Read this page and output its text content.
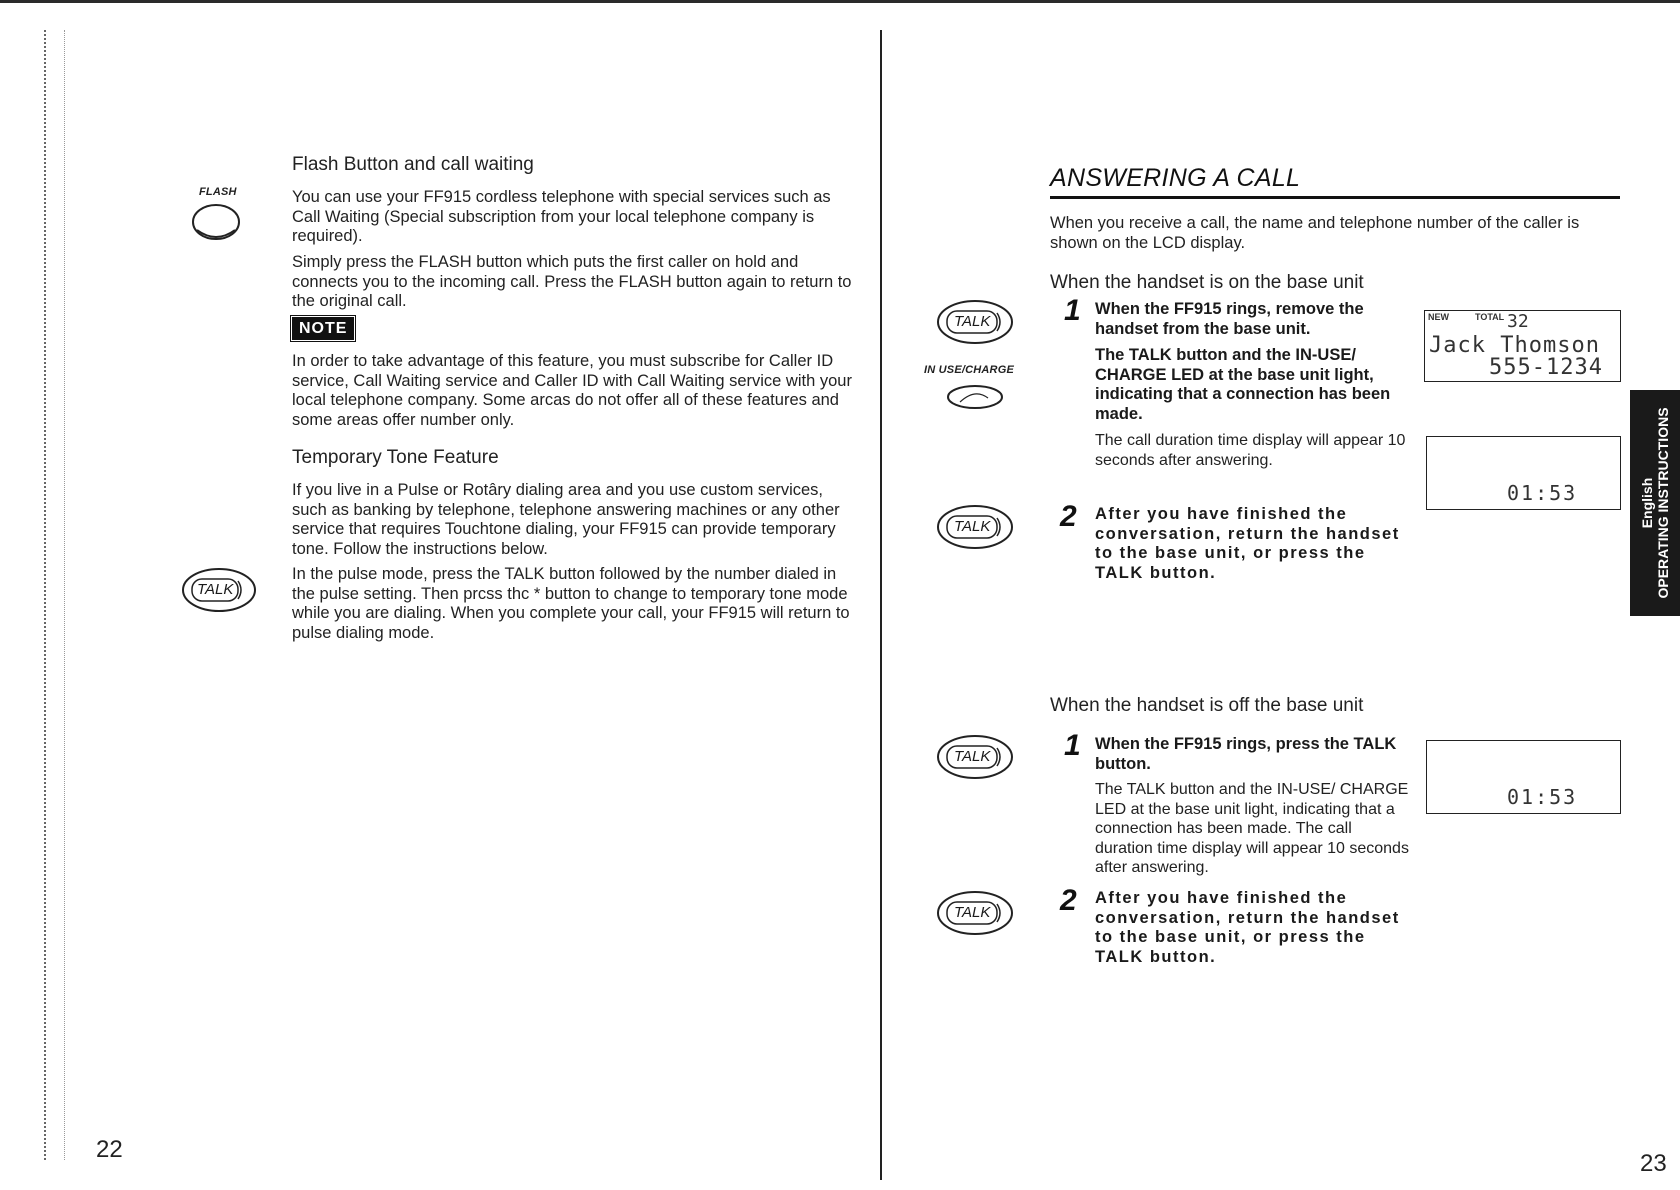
FLASH
Flash Button and call waiting

You can use your FF915 cordless telephone with special services such as Call Waiting (Special subscription from your local telephone company is required).

Simply press the FLASH button which puts the first caller on hold and connects you to the incoming call. Press the FLASH button again to return to the original call.

NOTE

In order to take advantage of this feature, you must subscribe for Caller ID service, Call Waiting service and Caller ID with Call Waiting service with your local telephone company. Some arcas do not offer all of these features and some areas offer number only.

Temporary Tone Feature

If you live in a Pulse or Rotâry dialing area and you use custom services, such as banking by telephone, telephone answering machines or any other service that requires Touchtone dialing, your FF915 can provide temporary tone. Follow the instructions below.

In the pulse mode, press the TALK button followed by the number dialed in the pulse setting. Then prcss thc * button to change to temporary tone mode while you are dialing. When you complete your call, your FF915 will return to pulse dialing mode.

TALK
22
ANSWERING A CALL

When you receive a call, the name and telephone number of the caller is shown on the LCD display.

When the handset is on the base unit
TALK
IN USE/CHARGE
1 When the FF915 rings, remove the handset from the base unit.
The TALK button and the IN-USE/ CHARGE LED at the base unit light, indicating that a connection has been made.
The call duration time display will appear 10 seconds after answering.
2 After you have finished the conversation, return the handset to the base unit, or press the TALK button.
TALK
NEW	TOTAL 32
Jack Thomson
555-1234
01:53
When the handset is off the base unit
TALK 1 When the FF915 rings, press the TALK button.
The TALK button and the IN-USE/ CHARGE LED at the base unit light, indicating that a connection has been made. The call duration time display will appear 10 seconds after answering.
2 After you have finished the conversation, return the handset to the base unit, or press the TALK button.
TALK
01:53
English OPERATING INSTRUCTIONS
23
